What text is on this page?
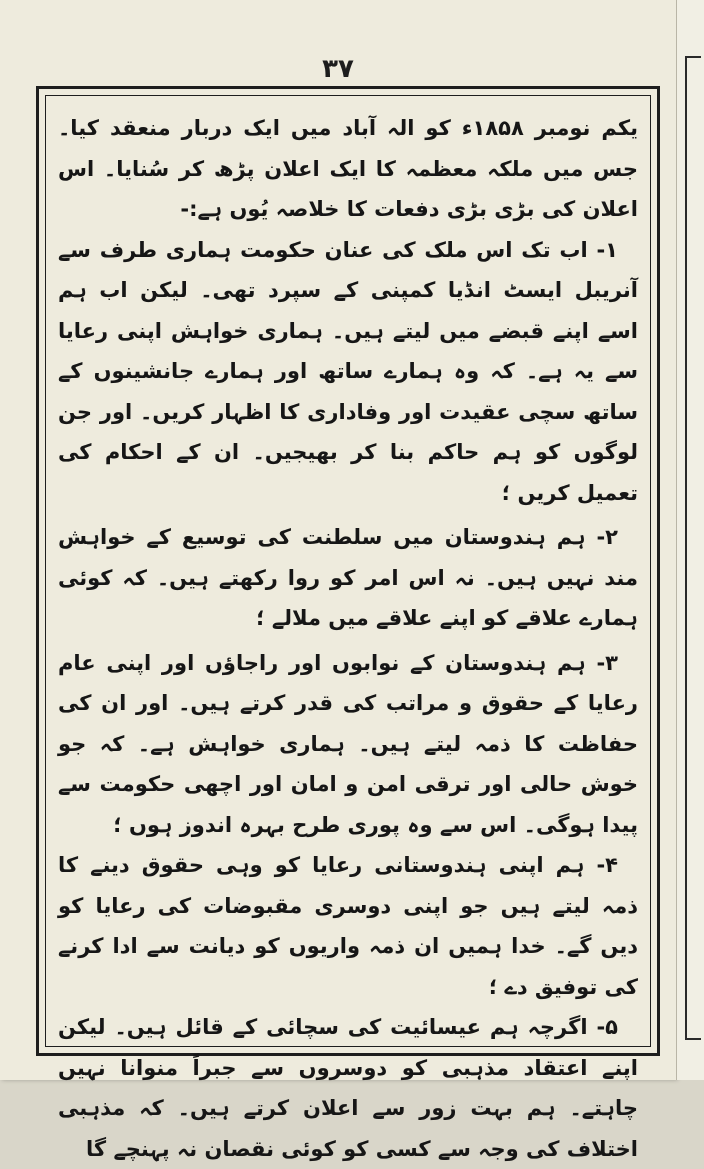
۳۷

یکم نومبر ۱۸۵۸ء کو الہ آباد میں ایک دربار منعقد کیا۔ جس میں ملکہ معظمہ کا ایک اعلان پڑھ کر سُنایا۔ اس اعلان کی بڑی بڑی دفعات کا خلاصہ یُوں ہے:-

۱- اب تک اس ملک کی عنان حکومت ہماری طرف سے آنریبل ایسٹ انڈیا کمپنی کے سپرد تھی۔ لیکن اب ہم اسے اپنے قبضے میں لیتے ہیں۔ ہماری خواہش اپنی رعایا سے یہ ہے۔ کہ وہ ہمارے ساتھ اور ہمارے جانشینوں کے ساتھ سچی عقیدت اور وفاداری کا اظہار کریں۔ اور جن لوگوں کو ہم حاکم بنا کر بھیجیں۔ ان کے احکام کی تعمیل کریں ؛

۲- ہم ہندوستان میں سلطنت کی توسیع کے خواہش مند نہیں ہیں۔ نہ اس امر کو روا رکھتے ہیں۔ کہ کوئی ہمارے علاقے کو اپنے علاقے میں ملالے ؛

۳- ہم ہندوستان کے نوابوں اور راجاؤں اور اپنی عام رعایا کے حقوق و مراتب کی قدر کرتے ہیں۔ اور ان کی حفاظت کا ذمہ لیتے ہیں۔ ہماری خواہش ہے۔ کہ جو خوش حالی اور ترقی امن و امان اور اچھی حکومت سے پیدا ہوگی۔ اس سے وہ پوری طرح بہرہ اندوز ہوں ؛

۴- ہم اپنی ہندوستانی رعایا کو وہی حقوق دینے کا ذمہ لیتے ہیں جو اپنی دوسری مقبوضات کی رعایا کو دیں گے۔ خدا ہمیں ان ذمہ واریوں کو دیانت سے ادا کرنے کی توفیق دے ؛

۵- اگرچہ ہم عیسائیت کی سچائی کے قائل ہیں۔ لیکن اپنے اعتقاد مذہبی کو دوسروں سے جبراً منوانا نہیں چاہتے۔ ہم بہت زور سے اعلان کرتے ہیں۔ کہ مذہبی اختلاف کی وجہ سے کسی کو کوئی نقصان نہ پہنچے گا
